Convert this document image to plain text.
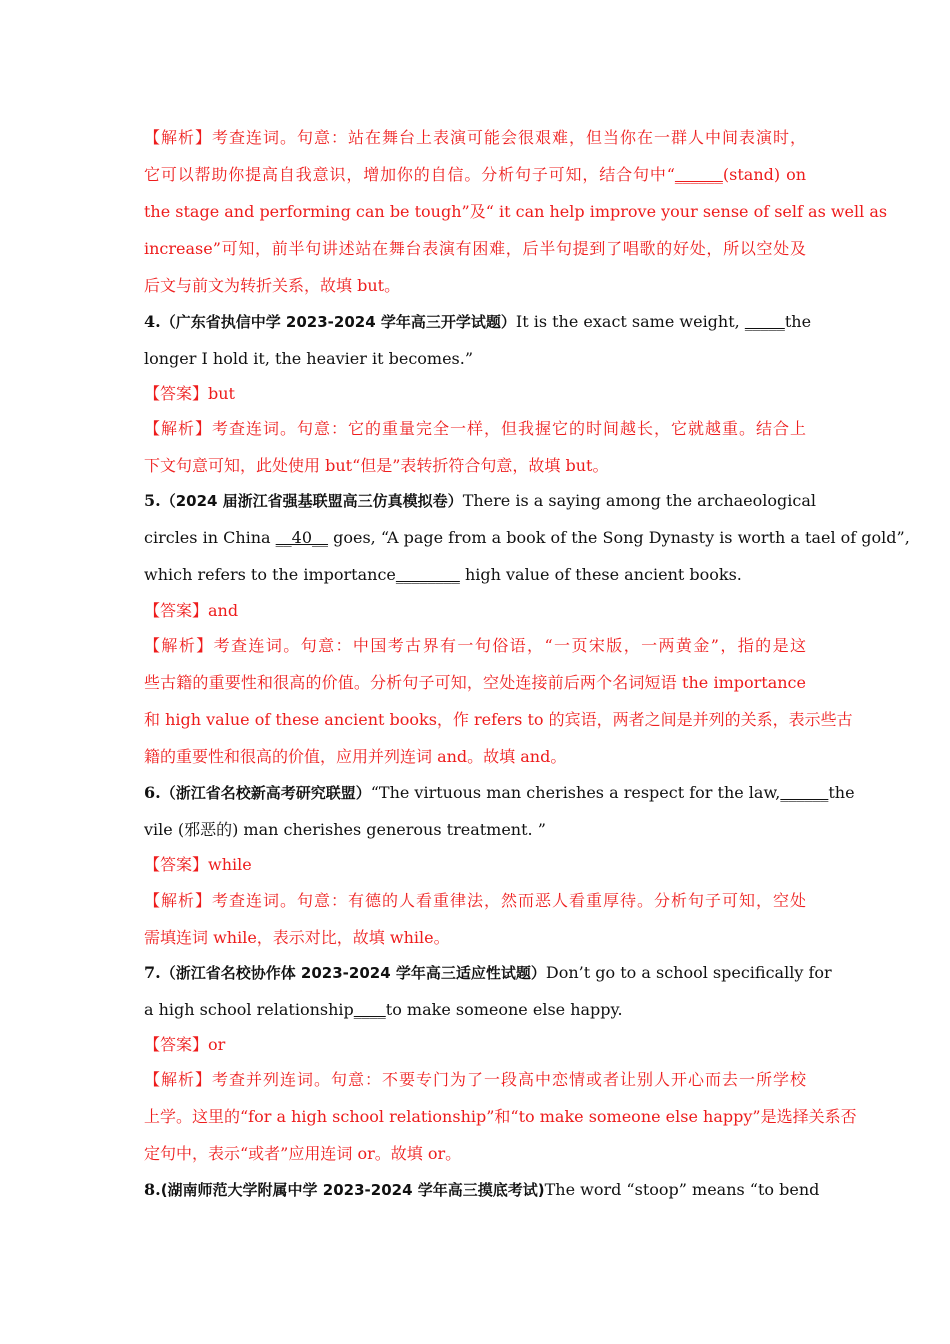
【解析】考查连词。句意：站在舞台上表演可能会很艰难，但当你在一群人中间表演时，
它可以帮助你提高自我意识，增加你的自信。分析句子可知，结合句中“______(stand) on
the stage and performing can be tough”及“ it can help improve your sense of self as well as
increase”可知，前半句讲述站在舞台表演有困难，后半句提到了唱歌的好处，所以空处及
后文与前文为转折关系，故填 but。
4.（广东省执信中学 2023-2024 学年高三开学试题）It is the exact same weight, _____the
longer I hold it, the heavier it becomes.”
【答案】but
【解析】考查连词。句意：它的重量完全一样，但我握它的时间越长，它就越重。结合上
下文句意可知，此处使用 but“但是”表转折符合句意，故填 but。
5.（2024 届浙江省强基联盟高三仿真模拟卷）There is a saying among the archaeological
circles in China __40__ goes, “A page from a book of the Song Dynasty is worth a tael of gold”,
which refers to the importance________ high value of these ancient books.
【答案】and
【解析】考查连词。句意：中国考古界有一句俗语，“一页宋版，一两黄金”，指的是这
些古籍的重要性和很高的价值。分析句子可知，空处连接前后两个名词短语 the importance
和 high value of these ancient books，作 refers to 的宾语，两者之间是并列的关系，表示些古
籍的重要性和很高的价值，应用并列连词 and。故填 and。
6.（浙江省名校新高考研究联盟）“The virtuous man cherishes a respect for the law,______the
vile (邪恶的) man cherishes generous treatment. ”
【答案】while
【解析】考查连词。句意：有德的人看重律法，然而恶人看重厚待。分析句子可知，空处
需填连词 while，表示对比，故填 while。
7.（浙江省名校协作体 2023-2024 学年高三适应性试题）Don’t go to a school specifically for
a high school relationship____to make someone else happy.
【答案】or
【解析】考查并列连词。句意：不要专门为了一段高中恋情或者让别人开心而去一所学校
上学。这里的“for a high school relationship”和“to make someone else happy”是选择关系否
定句中，表示“或者”应用连词 or。故填 or。
8.(湖南师范大学附属中学 2023-2024 学年高三摸底考试)The word “stoop” means “to bend
